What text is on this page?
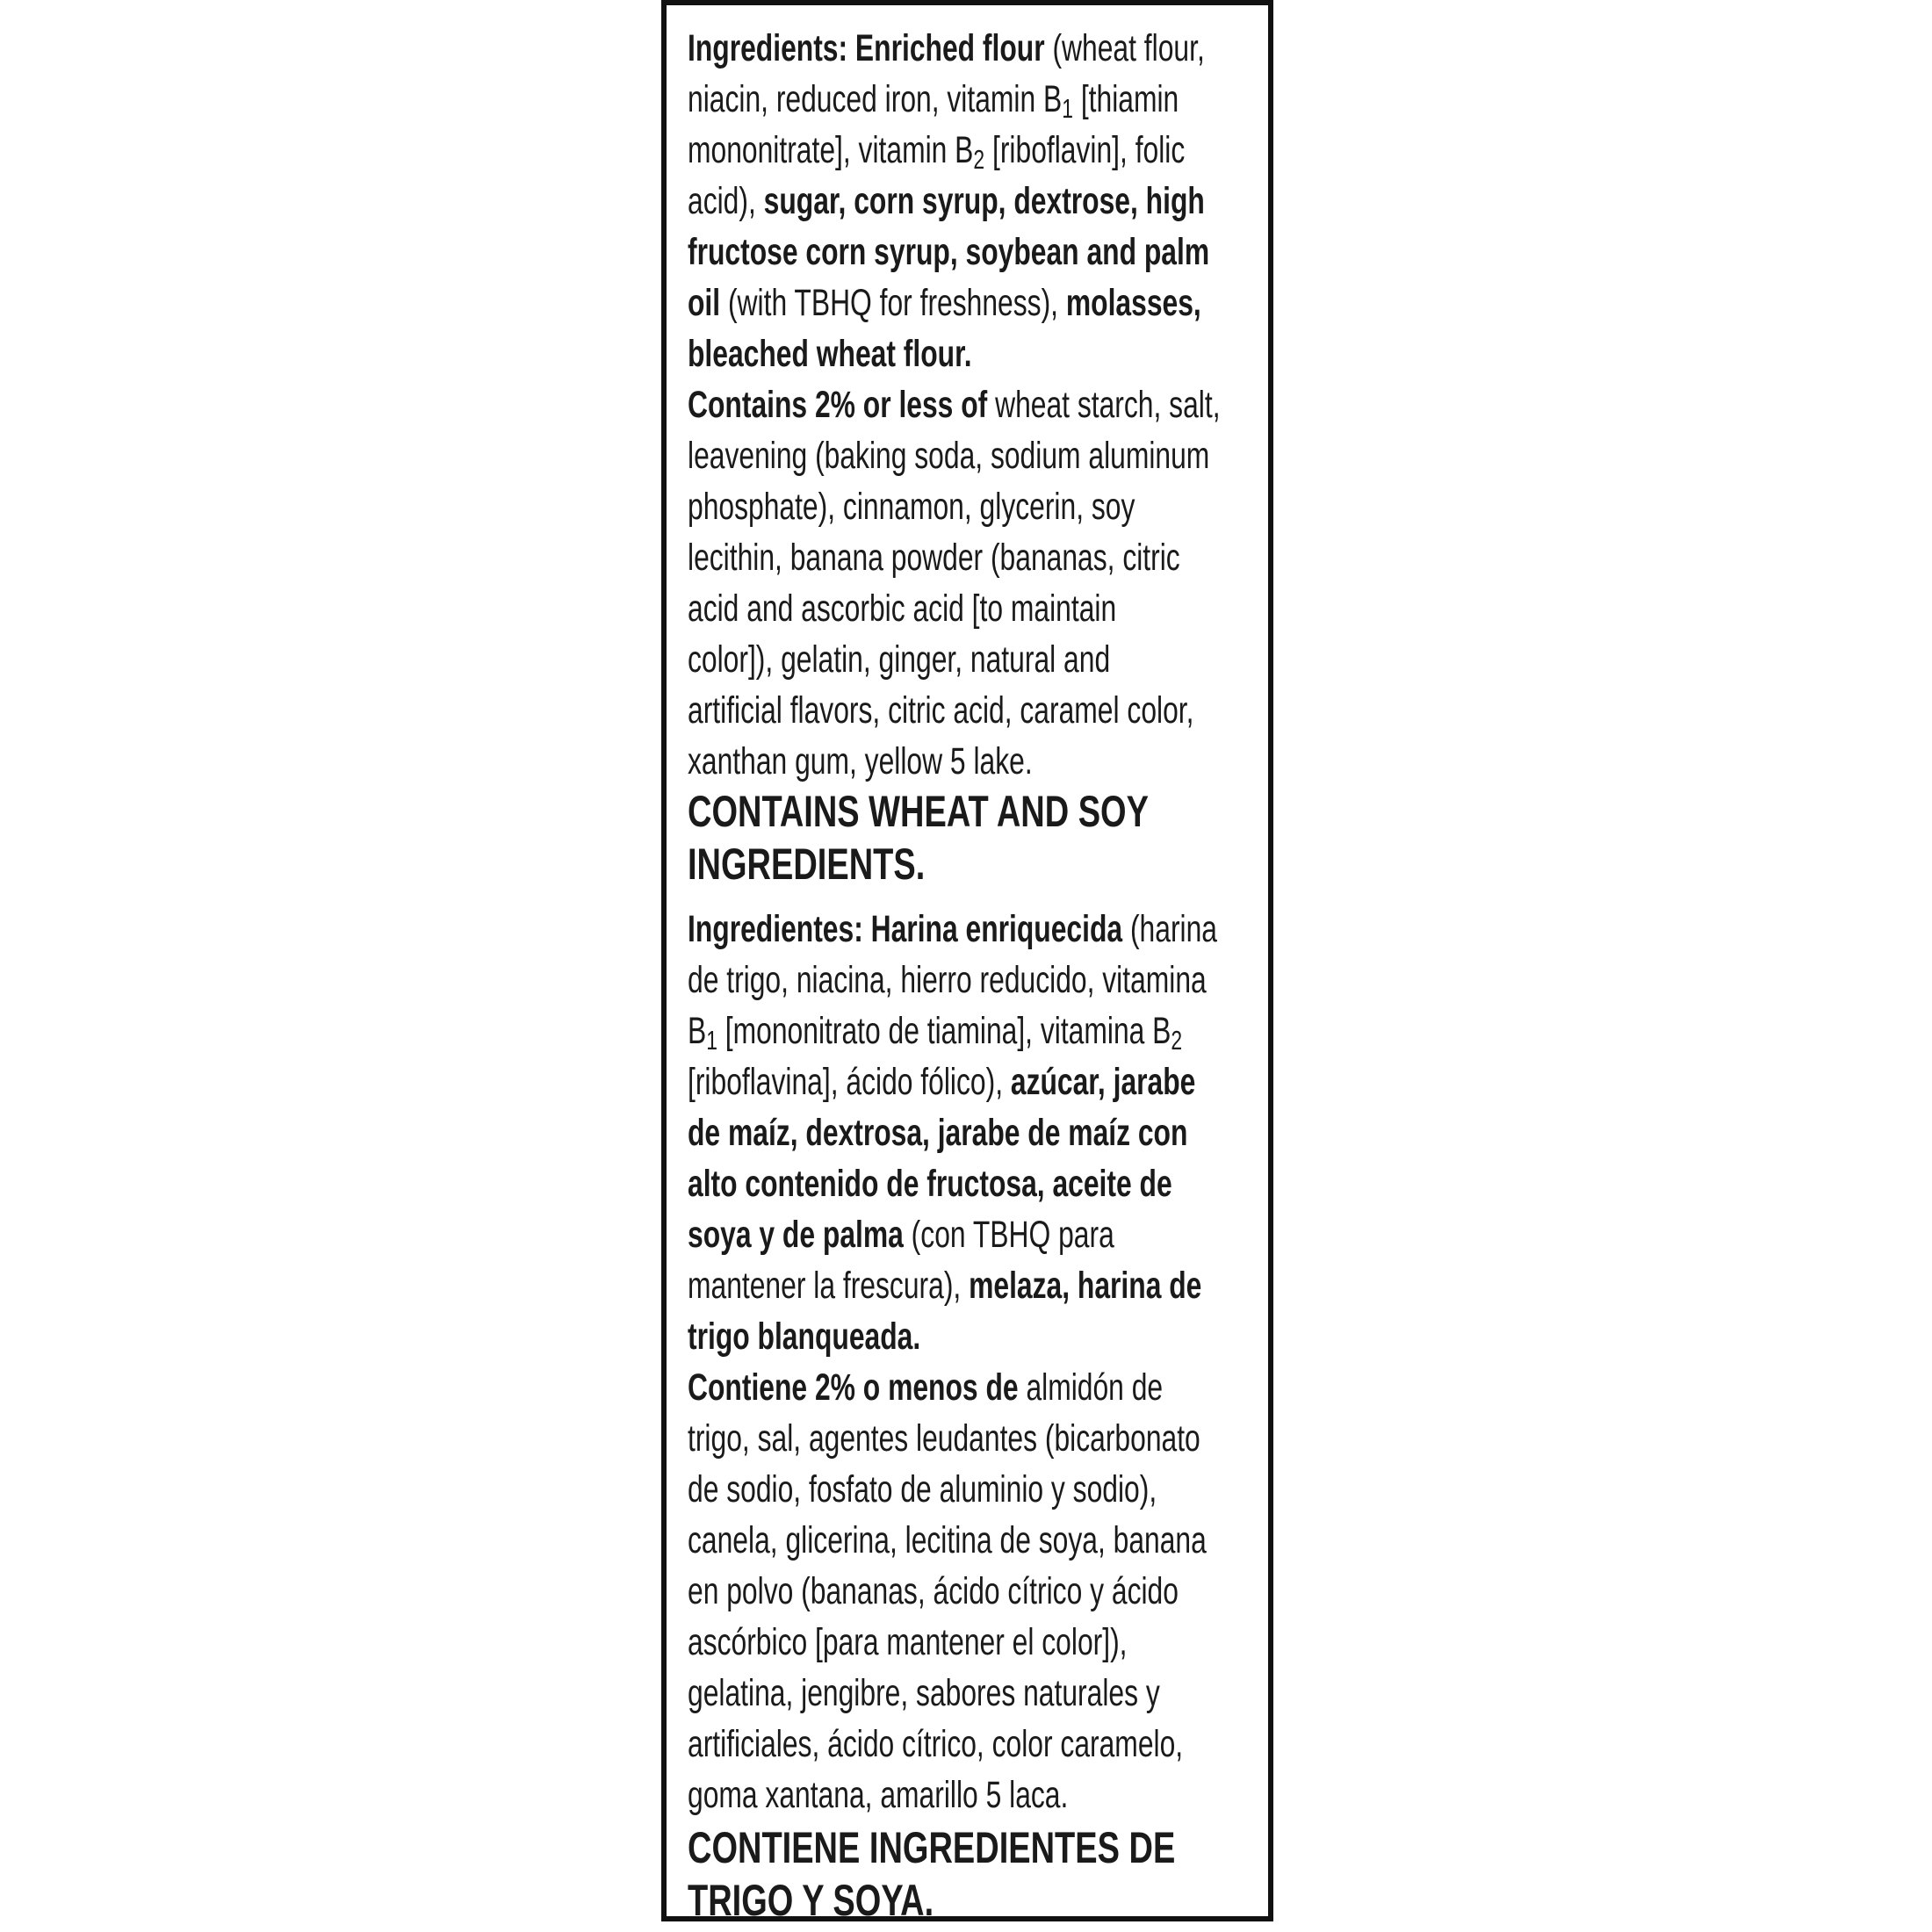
Ingredients: Enriched flour (wheat flour,
niacin, reduced iron, vitamin $B_1$ [thiamin
mononitrate], vitamin $B_2$ [riboflavin], folic
acid), sugar, corn syrup, dextrose, high
fructose corn syrup, soybean and palm
oil (with TBHQ for freshness), molasses,
bleached wheat flour.
Contains 2% or less of wheat starch, salt,
leavening (baking soda, sodium aluminum
phosphate), cinnamon, glycerin, soy
lecithin, banana powder (bananas, citric
acid and ascorbic acid [to maintain
color]), gelatin, ginger, natural and
artificial flavors, citric acid, caramel color,
xanthan gum, yellow 5 lake.
CONTAINS WHEAT AND SOY
INGREDIENTS.
Ingredientes: Harina enriquecida (harina
de trigo, niacina, hierro reducido, vitamina
$B_1$ [mononitrato de tiamina], vitamina $B_2$
[riboflavina], ácido fólico), azúcar, jarabe
de maíz, dextrosa, jarabe de maíz con
alto contenido de fructosa, aceite de
soya y de palma (con TBHQ para
mantener la frescura), melaza, harina de
trigo blanqueada.
Contiene 2% o menos de almidón de
trigo, sal, agentes leudantes (bicarbonato
de sodio, fosfato de aluminio y sodio),
canela, glicerina, lecitina de soya, banana
en polvo (bananas, ácido cítrico y ácido
ascórbico [para mantener el color]),
gelatina, jengibre, sabores naturales y
artificiales, ácido cítrico, color caramelo,
goma xantana, amarillo 5 laca.
CONTIENE INGREDIENTES DE
TRIGO Y SOYA.
